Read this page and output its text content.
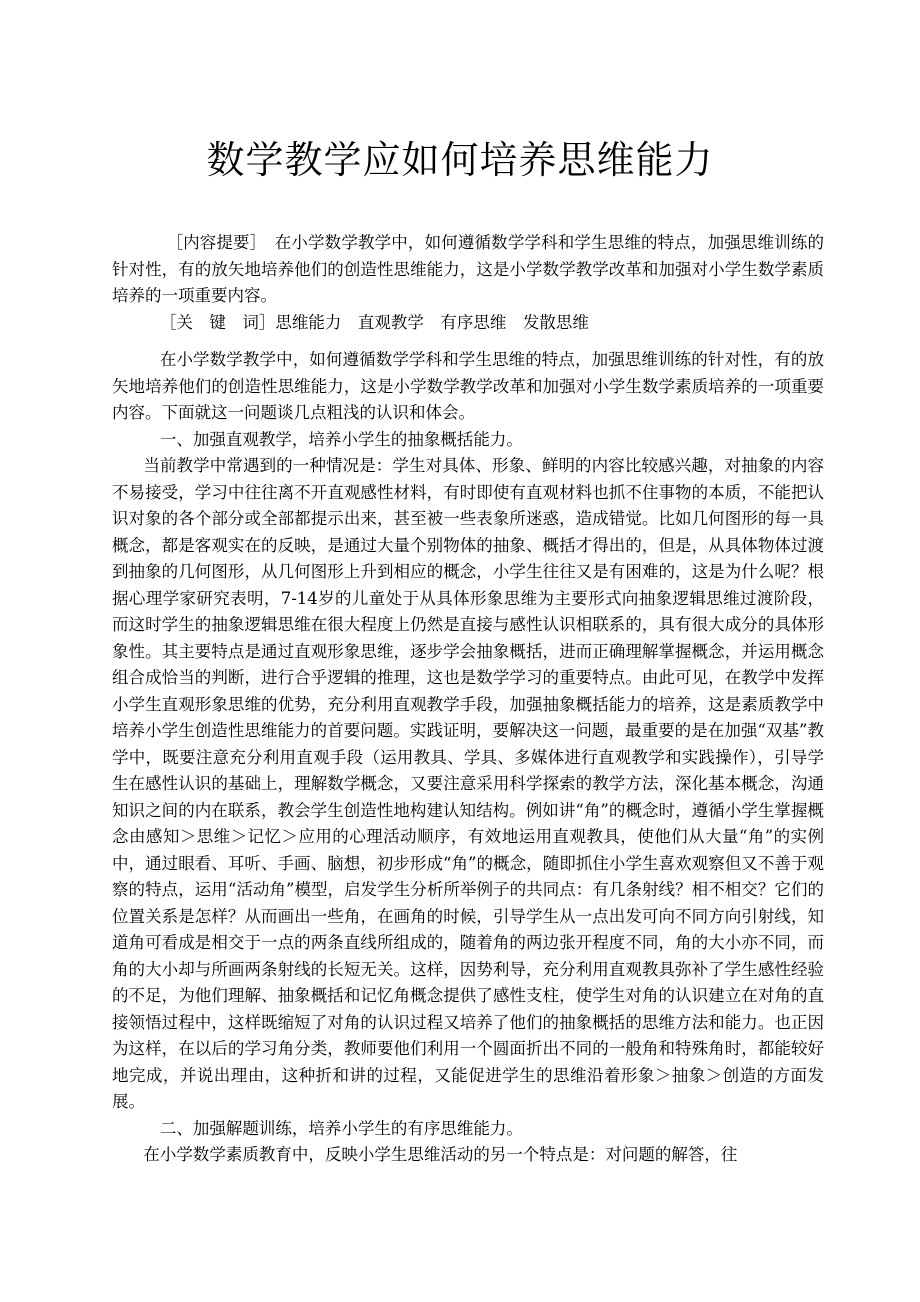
数学教学应如何培养思维能力

［内容提要］　在小学数学教学中，如何遵循数学学科和学生思维的特点，加强思维训练的针对性，有的放矢地培养他们的创造性思维能力，这是小学数学教学改革和加强对小学生数学素质培养的一项重要内容。

［关　键　词］思维能力　直观教学　有序思维　发散思维

在小学数学教学中，如何遵循数学学科和学生思维的特点，加强思维训练的针对性，有的放矢地培养他们的创造性思维能力，这是小学数学教学改革和加强对小学生数学素质培养的一项重要内容。下面就这一问题谈几点粗浅的认识和体会。

一、加强直观教学，培养小学生的抽象概括能力。

当前教学中常遇到的一种情况是：学生对具体、形象、鲜明的内容比较感兴趣，对抽象的内容不易接受，学习中往往离不开直观感性材料，有时即使有直观材料也抓不住事物的本质，不能把认识对象的各个部分或全部都提示出来，甚至被一些表象所迷惑，造成错觉。比如几何图形的每一具概念，都是客观实在的反映，是通过大量个别物体的抽象、概括才得出的，但是，从具体物体过渡到抽象的几何图形，从几何图形上升到相应的概念，小学生往往又是有困难的，这是为什么呢？根据心理学家研究表明，7-14岁的儿童处于从具体形象思维为主要形式向抽象逻辑思维过渡阶段，而这时学生的抽象逻辑思维在很大程度上仍然是直接与感性认识相联系的，具有很大成分的具体形象性。其主要特点是通过直观形象思维，逐步学会抽象概括，进而正确理解掌握概念，并运用概念组合成恰当的判断，进行合乎逻辑的推理，这也是数学学习的重要特点。由此可见，在教学中发挥小学生直观形象思维的优势，充分利用直观教学手段，加强抽象概括能力的培养，这是素质教学中培养小学生创造性思维能力的首要问题。实践证明，要解决这一问题，最重要的是在加强“双基”教学中，既要注意充分利用直观手段（运用教具、学具、多媒体进行直观教学和实践操作），引导学生在感性认识的基础上，理解数学概念，又要注意采用科学探索的教学方法，深化基本概念，沟通知识之间的内在联系，教会学生创造性地构建认知结构。例如讲“角”的概念时，遵循小学生掌握概念由感知＞思维＞记忆＞应用的心理活动顺序，有效地运用直观教具，使他们从大量“角”的实例中，通过眼看、耳听、手画、脑想，初步形成“角”的概念，随即抓住小学生喜欢观察但又不善于观察的特点，运用“活动角”模型，启发学生分析所举例子的共同点：有几条射线？相不相交？它们的位置关系是怎样？从而画出一些角，在画角的时候，引导学生从一点出发可向不同方向引射线，知道角可看成是相交于一点的两条直线所组成的，随着角的两边张开程度不同，角的大小亦不同，而角的大小却与所画两条射线的长短无关。这样，因势利导，充分利用直观教具弥补了学生感性经验的不足，为他们理解、抽象概括和记忆角概念提供了感性支柱，使学生对角的认识建立在对角的直接领悟过程中，这样既缩短了对角的认识过程又培养了他们的抽象概括的思维方法和能力。也正因为这样，在以后的学习角分类，教师要他们利用一个圆面折出不同的一般角和特殊角时，都能较好地完成，并说出理由，这种折和讲的过程，又能促进学生的思维沿着形象＞抽象＞创造的方面发展。

二、加强解题训练，培养小学生的有序思维能力。

在小学数学素质教育中，反映小学生思维活动的另一个特点是：对问题的解答，往
